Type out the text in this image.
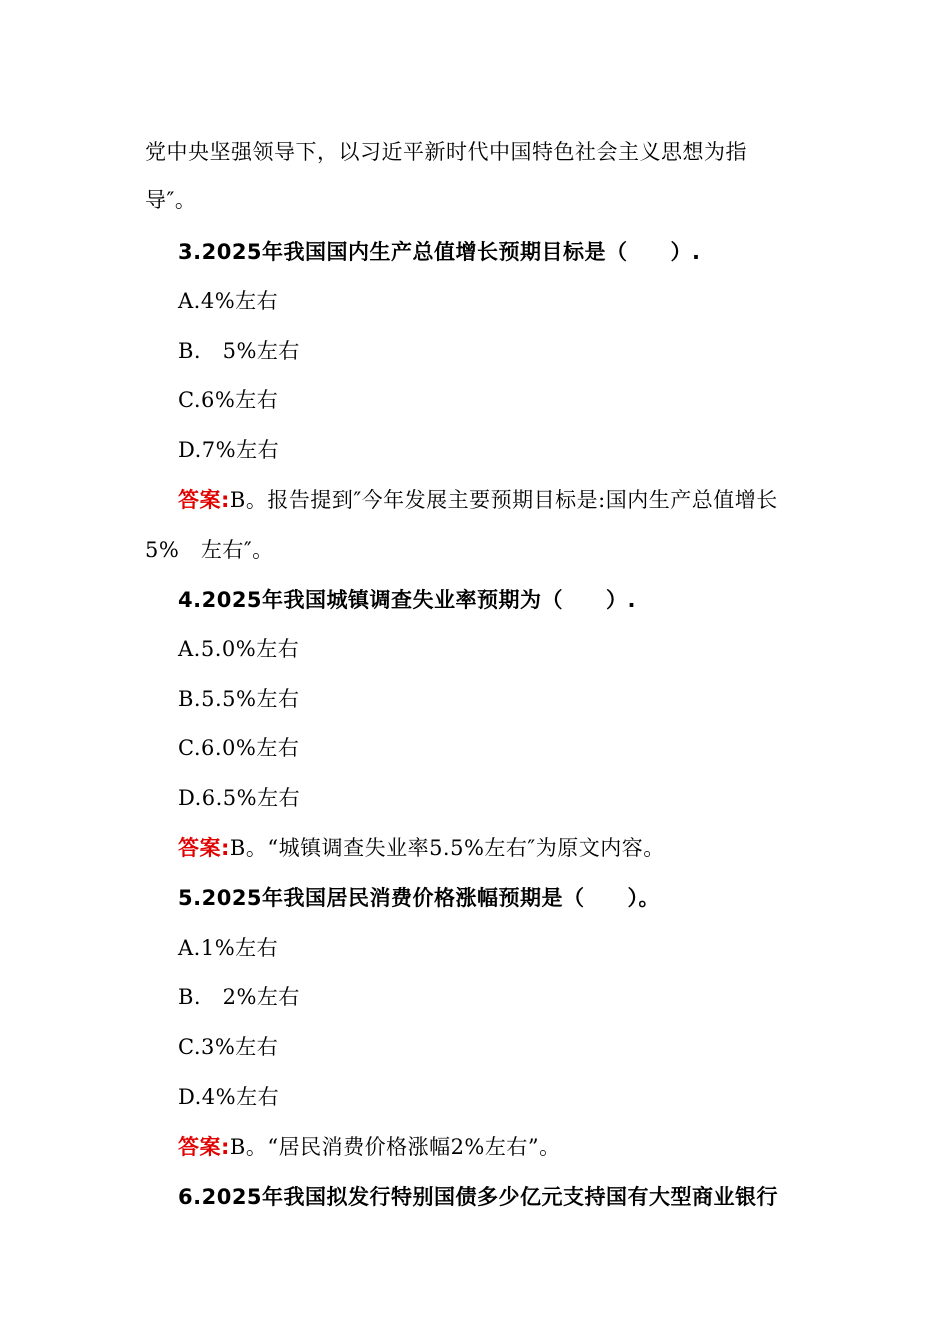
党中央坚强领导下，以习近平新时代中国特色社会主义思想为指
导″。
3.2025年我国国内生产总值增长预期目标是（　　）.
A.4%左右
B.　5%左右
C.6%左右
D.7%左右
答案:B。报告提到″今年发展主要预期目标是:国内生产总值增长
5%　左右″。
4.2025年我国城镇调查失业率预期为（　　）.
A.5.0%左右
B.5.5%左右
C.6.0%左右
D.6.5%左右
答案:B。“城镇调查失业率5.5%左右″为原文内容。
5.2025年我国居民消费价格涨幅预期是（　　）。
A.1%左右
B.　2%左右
C.3%左右
D.4%左右
答案:B。“居民消费价格涨幅2%左右”。
6.2025年我国拟发行特别国债多少亿元支持国有大型商业银行
